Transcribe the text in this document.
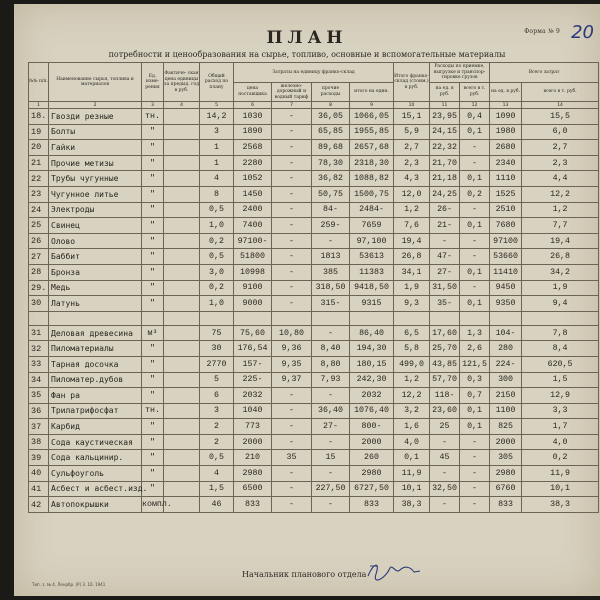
Форма № 9 20
ПЛАН
потребности и ценообразования на сырье, топливо, основные и вспомогательные материалы
№№ п/п.	Наименование сырья, топлива и материалов	Ед. изме- рения	Фактиче- ская цена единицы за предыд. год в руб.	Общий расход по плану	Затраты на единицу франко-склад				Итого франко- склад (стоим.) в руб.	Расходы по приемке, выгрузке и транспор- тировке грузов		Всего затрат	
					цена поставщика	железно- дорожный и водный тариф	прочие расходы	итого на един.		на ед. в руб.	всего в т. руб.	на ед. в руб.	всего в т. руб.
1	2	3	4	5	6	7	8	9	10	11	12	13	14
18.	Гвозди резные	тн.		14,2	1030	-	36,05	1066,05	15,1	23,95	0,4	1090	15,5
19	Болты	"		3	1890	-	65,85	1955,85	5,9	24,15	0,1	1980	6,0
20	Гайки	"		1	2568	-	89,68	2657,68	2,7	22,32	-	2680	2,7
21	Прочие метизы	"		1	2280	-	78,30	2318,30	2,3	21,70	-	2340	2,3
22	Трубы чугунные	"		4	1052	-	36,82	1088,82	4,3	21,18	0,1	1110	4,4
23	Чугунное литье	"		8	1450	-	50,75	1500,75	12,0	24,25	0,2	1525	12,2
24	Электроды	"		0,5	2400	-	84-	2484-	1,2	26-	-	2510	1,2
25	Свинец	"		1,0	7400	-	259-	7659	7,6	21-	0,1	7680	7,7
26	Олово	"		0,2	97100-	-	-	97,100	19,4	-	-	97100	19,4
27	Баббит	"		0,5	51800	-	1813	53613	26,8	47-	-	53660	26,8
28	Бронза	"		3,0	10998	-	385	11383	34,1	27-	0,1	11410	34,2
29.	Медь	"		0,2	9100	-	318,50	9418,50	1,9	31,50	-	9450	1,9
30	Латунь	"		1,0	9000	-	315-	9315	9,3	35-	0,1	9350	9,4

31	Деловая древесина	м³		75	75,60	10,80	-	86,40	6,5	17,60	1,3	104-	7,8
32	Пиломатериалы	"		30	176,54	9,36	8,40	194,30	5,8	25,70	2,6	280	8,4
33	Тарная досочка	"		2770	157-	9,35	8,80	180,15	499,0	43,85	121,5	224-	620,5
34	Пиломатер.дубов	"		5	225-	9,37	7,93	242,30	1,2	57,70	0,3	300	1,5
35	Фан ра	"		6	2032	-	-	2032	12,2	118-	0,7	2150	12,9
36	Трилатрифосфат	тн.		3	1040	-	36,40	1076,40	3,2	23,60	0,1	1100	3,3
37	Карбид	"		2	773	-	27-	800-	1,6	25	0,1	825	1,7
38	Сода каустическая	"		2	2000	-	-	2000	4,0	-	-	2000	4,0
39	Сода кальцинир.	"		0,5	210	35	15	260	0,1	45	-	305	0,2
40	Сульфоуголь	"		4	2980	-	-	2980	11,9	-	-	2980	11,9
41	Асбест и асбест.изд.	"		1,5	6500	-	227,50	6727,50	10,1	32,50	-	6760	10,1
42	Автопокрышки	компл.		46	833	-	-	833	38,3	-	-	833	38,3
Начальник планового отдела
Тип. з. № 4. Ленрбр. (Р) 3. 10. 1941
